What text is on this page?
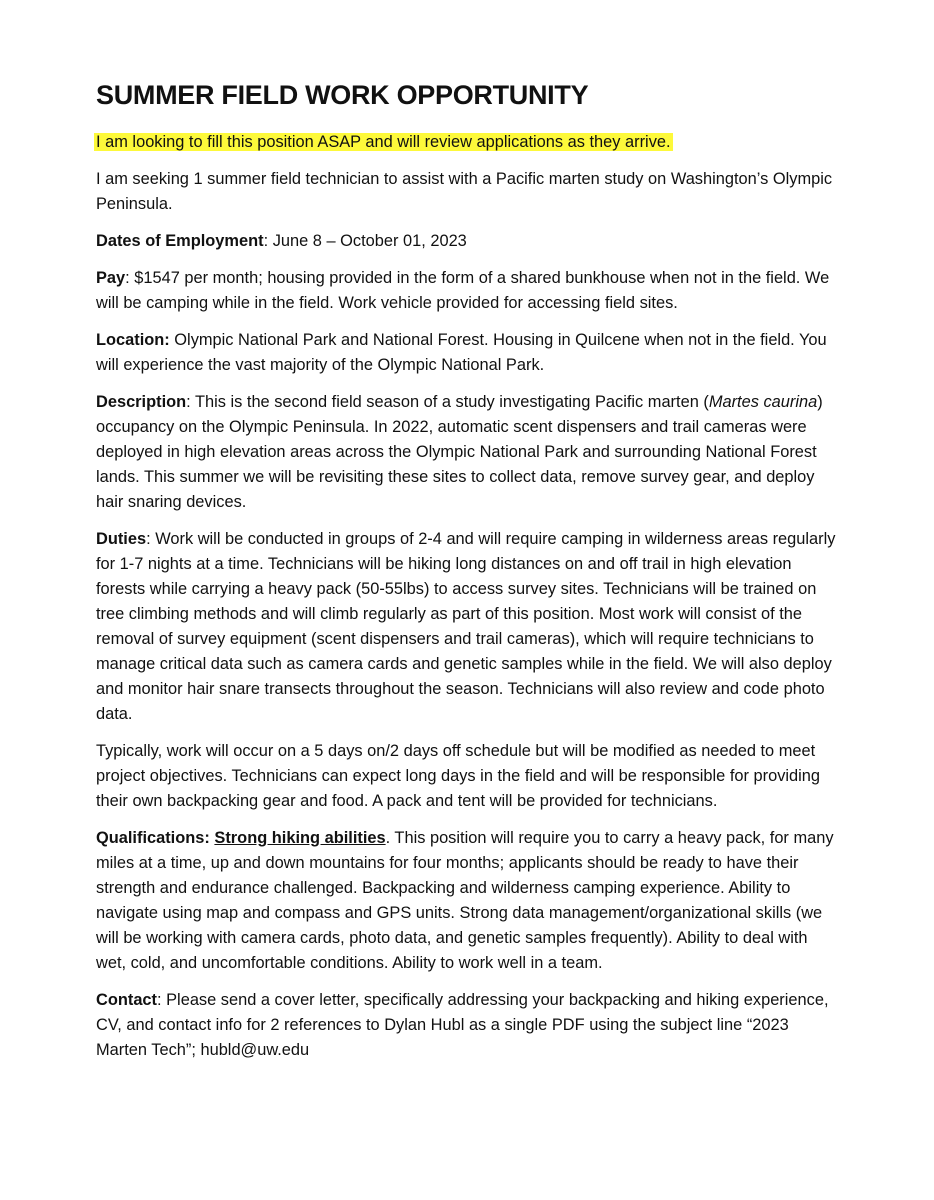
SUMMER FIELD WORK OPPORTUNITY

I am looking to fill this position ASAP and will review applications as they arrive.

I am seeking 1 summer field technician to assist with a Pacific marten study on Washington’s Olympic Peninsula.

Dates of Employment: June 8 – October 01, 2023

Pay: $1547 per month; housing provided in the form of a shared bunkhouse when not in the field. We will be camping while in the field. Work vehicle provided for accessing field sites.

Location: Olympic National Park and National Forest. Housing in Quilcene when not in the field. You will experience the vast majority of the Olympic National Park.

Description: This is the second field season of a study investigating Pacific marten (Martes caurina) occupancy on the Olympic Peninsula. In 2022, automatic scent dispensers and trail cameras were deployed in high elevation areas across the Olympic National Park and surrounding National Forest lands. This summer we will be revisiting these sites to collect data, remove survey gear, and deploy hair snaring devices.

Duties: Work will be conducted in groups of 2-4 and will require camping in wilderness areas regularly for 1-7 nights at a time. Technicians will be hiking long distances on and off trail in high elevation forests while carrying a heavy pack (50-55lbs) to access survey sites. Technicians will be trained on tree climbing methods and will climb regularly as part of this position. Most work will consist of the removal of survey equipment (scent dispensers and trail cameras), which will require technicians to manage critical data such as camera cards and genetic samples while in the field. We will also deploy and monitor hair snare transects throughout the season. Technicians will also review and code photo data.

Typically, work will occur on a 5 days on/2 days off schedule but will be modified as needed to meet project objectives. Technicians can expect long days in the field and will be responsible for providing their own backpacking gear and food. A pack and tent will be provided for technicians.

Qualifications: Strong hiking abilities. This position will require you to carry a heavy pack, for many miles at a time, up and down mountains for four months; applicants should be ready to have their strength and endurance challenged. Backpacking and wilderness camping experience. Ability to navigate using map and compass and GPS units. Strong data management/organizational skills (we will be working with camera cards, photo data, and genetic samples frequently). Ability to deal with wet, cold, and uncomfortable conditions. Ability to work well in a team.

Contact: Please send a cover letter, specifically addressing your backpacking and hiking experience, CV, and contact info for 2 references to Dylan Hubl as a single PDF using the subject line “2023 Marten Tech”; hubld@uw.edu
